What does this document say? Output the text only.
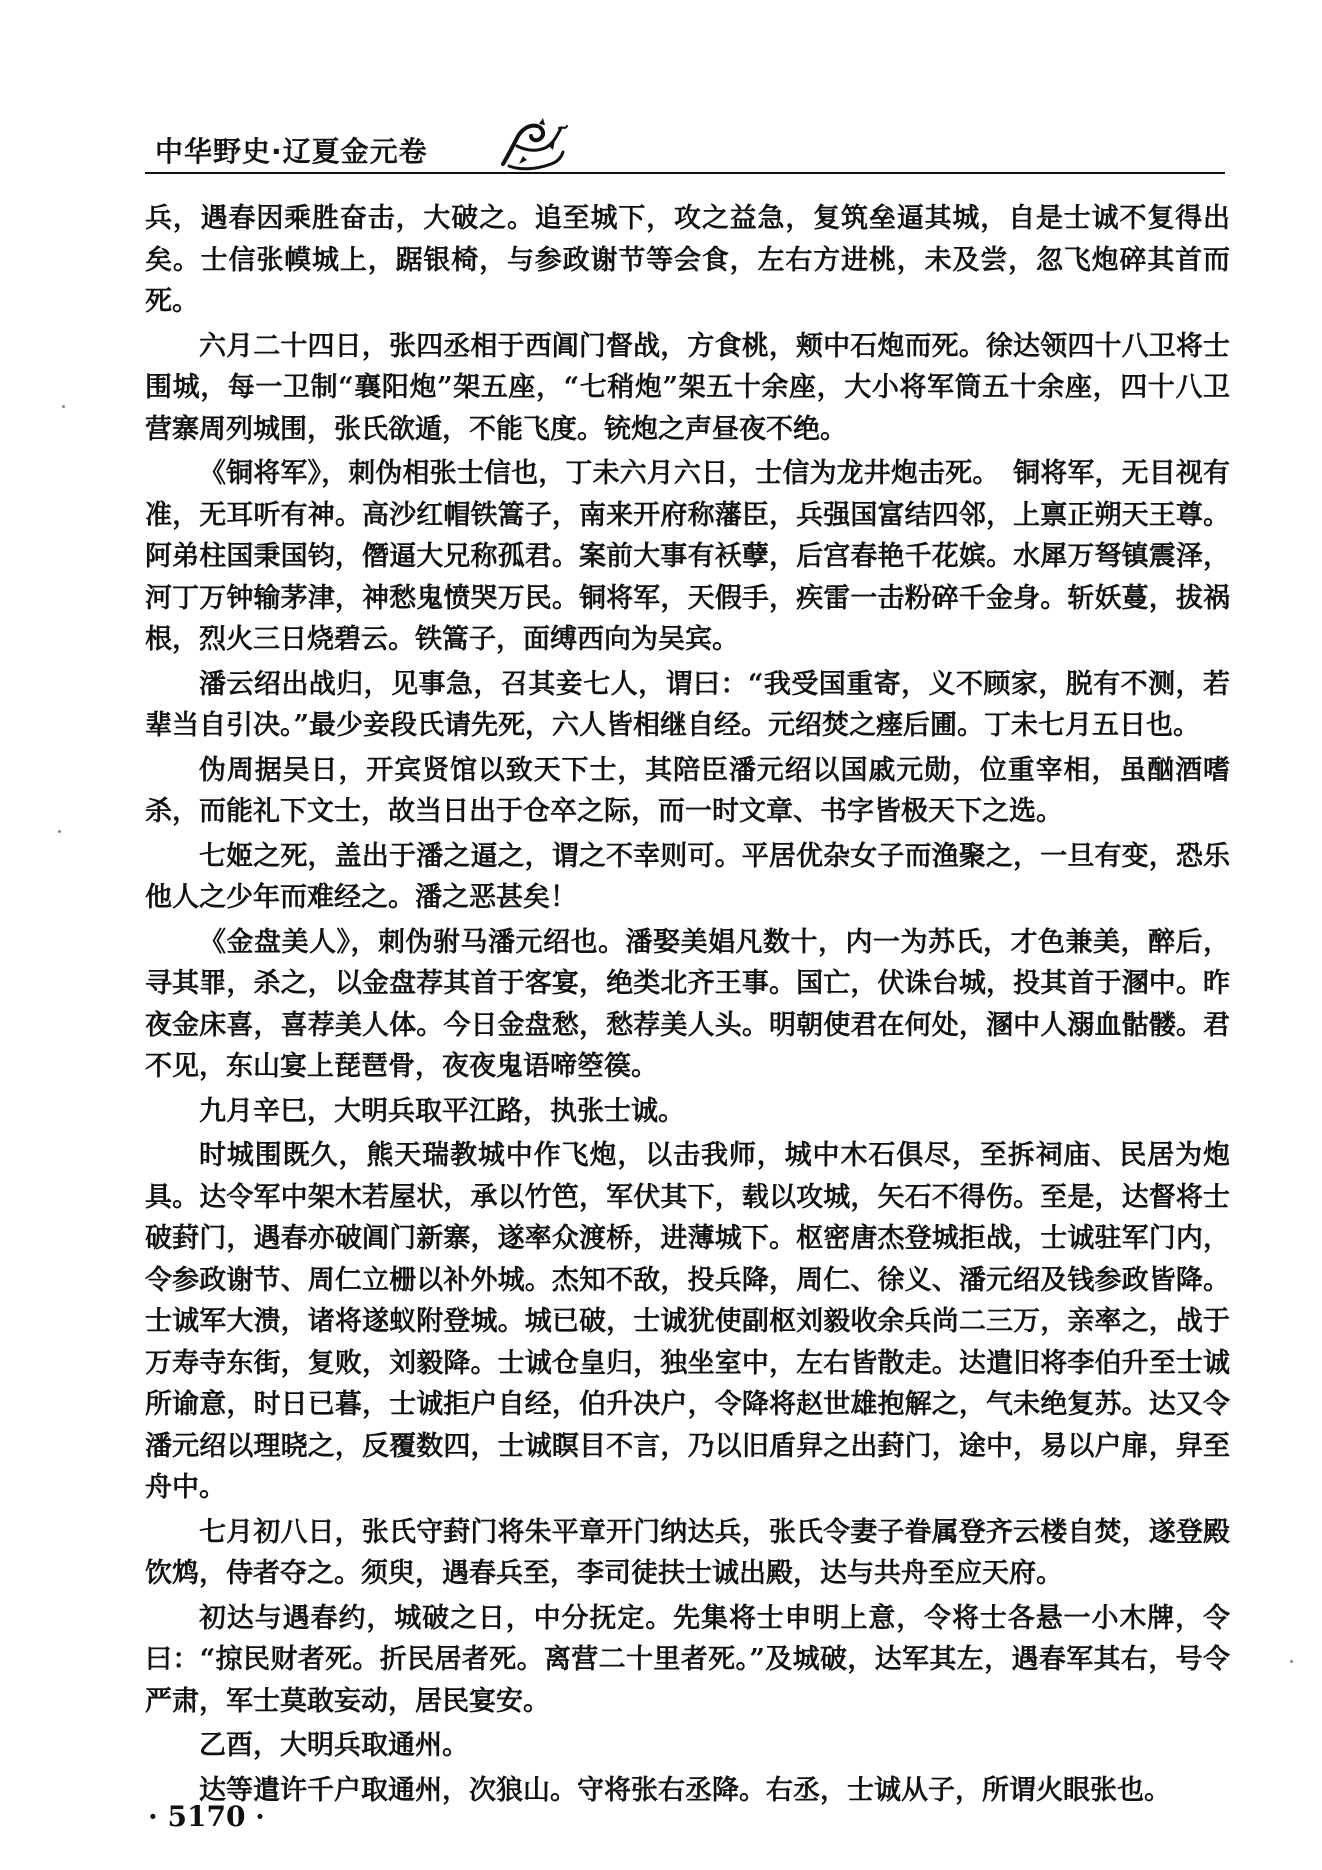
中华野史·辽夏金元卷

兵，遇春因乘胜奋击，大破之。追至城下，攻之益急，复筑垒逼其城，自是士诚不复得出矣。士信张幙城上，踞银椅，与参政谢节等会食，左右方进桃，未及尝，忽飞炮碎其首而死。

六月二十四日，张四丞相于西阊门督战，方食桃，颊中石炮而死。徐达领四十八卫将士围城，每一卫制“襄阳炮”架五座，“七稍炮”架五十余座，大小将军筒五十余座，四十八卫营寨周列城围，张氏欲遁，不能飞度。铳炮之声昼夜不绝。

《铜将军》，刺伪相张士信也，丁未六月六日，士信为龙井炮击死。　铜将军，无目视有准，无耳听有神。高沙红帽铁篙子，南来开府称藩臣，兵强国富结四邻，上禀正朔天王尊。阿弟柱国秉国钧，僭逼大兄称孤君。案前大事有袄孽，后宫春艳千花嫔。水犀万弩镇震泽，河丁万钟输茅津，神愁鬼愤哭万民。铜将军，天假手，疾雷一击粉碎千金身。斩妖蔓，拔祸根，烈火三日烧碧云。铁篙子，面缚西向为吴宾。

潘云绍出战归，见事急，召其妾七人，谓曰：“我受国重寄，义不顾家，脱有不测，若辈当自引决。”最少妾段氏请先死，六人皆相继自经。元绍焚之瘗后圃。丁未七月五日也。

伪周据吴日，开宾贤馆以致天下士，其陪臣潘元绍以国戚元勋，位重宰相，虽酗酒嗜杀，而能礼下文士，故当日出于仓卒之际，而一时文章、书字皆极天下之选。

七姬之死，盖出于潘之逼之，谓之不幸则可。平居优杂女子而渔聚之，一旦有变，恐乐他人之少年而难经之。潘之恶甚矣！

《金盘美人》，刺伪驸马潘元绍也。潘娶美娼凡数十，内一为苏氏，才色兼美，醉后，寻其罪，杀之，以金盘荐其首于客宴，绝类北齐王事。国亡，伏诛台城，投其首于溷中。昨夜金床喜，喜荐美人体。今日金盘愁，愁荐美人头。明朝使君在何处，溷中人溺血骷髅。君不见，东山宴上琵琶骨，夜夜鬼语啼箜篌。

九月辛巳，大明兵取平江路，执张士诚。

时城围既久，熊天瑞教城中作飞炮，以击我师，城中木石俱尽，至拆祠庙、民居为炮具。达令军中架木若屋状，承以竹笆，军伏其下，载以攻城，矢石不得伤。至是，达督将士破葑门，遇春亦破阊门新寨，遂率众渡桥，进薄城下。枢密唐杰登城拒战，士诚驻军门内，令参政谢节、周仁立栅以补外城。杰知不敌，投兵降，周仁、徐义、潘元绍及钱参政皆降。士诚军大溃，诸将遂蚁附登城。城已破，士诚犹使副枢刘毅收余兵尚二三万，亲率之，战于万寿寺东街，复败，刘毅降。士诚仓皇归，独坐室中，左右皆散走。达遣旧将李伯升至士诚所谕意，时日已暮，士诚拒户自经，伯升决户，令降将赵世雄抱解之，气未绝复苏。达又令潘元绍以理晓之，反覆数四，士诚瞑目不言，乃以旧盾舁之出葑门，途中，易以户扉，舁至舟中。

七月初八日，张氏守葑门将朱平章开门纳达兵，张氏令妻子眷属登齐云楼自焚，遂登殿饮鸩，侍者夺之。须臾，遇春兵至，李司徒扶士诚出殿，达与共舟至应天府。

初达与遇春约，城破之日，中分抚定。先集将士申明上意，令将士各悬一小木牌，令曰：“掠民财者死。折民居者死。离营二十里者死。”及城破，达军其左，遇春军其右，号令严肃，军士莫敢妄动，居民宴安。

乙酉，大明兵取通州。

达等遣许千户取通州，次狼山。守将张右丞降。右丞，士诚从子，所谓火眼张也。

· 5170 ·
